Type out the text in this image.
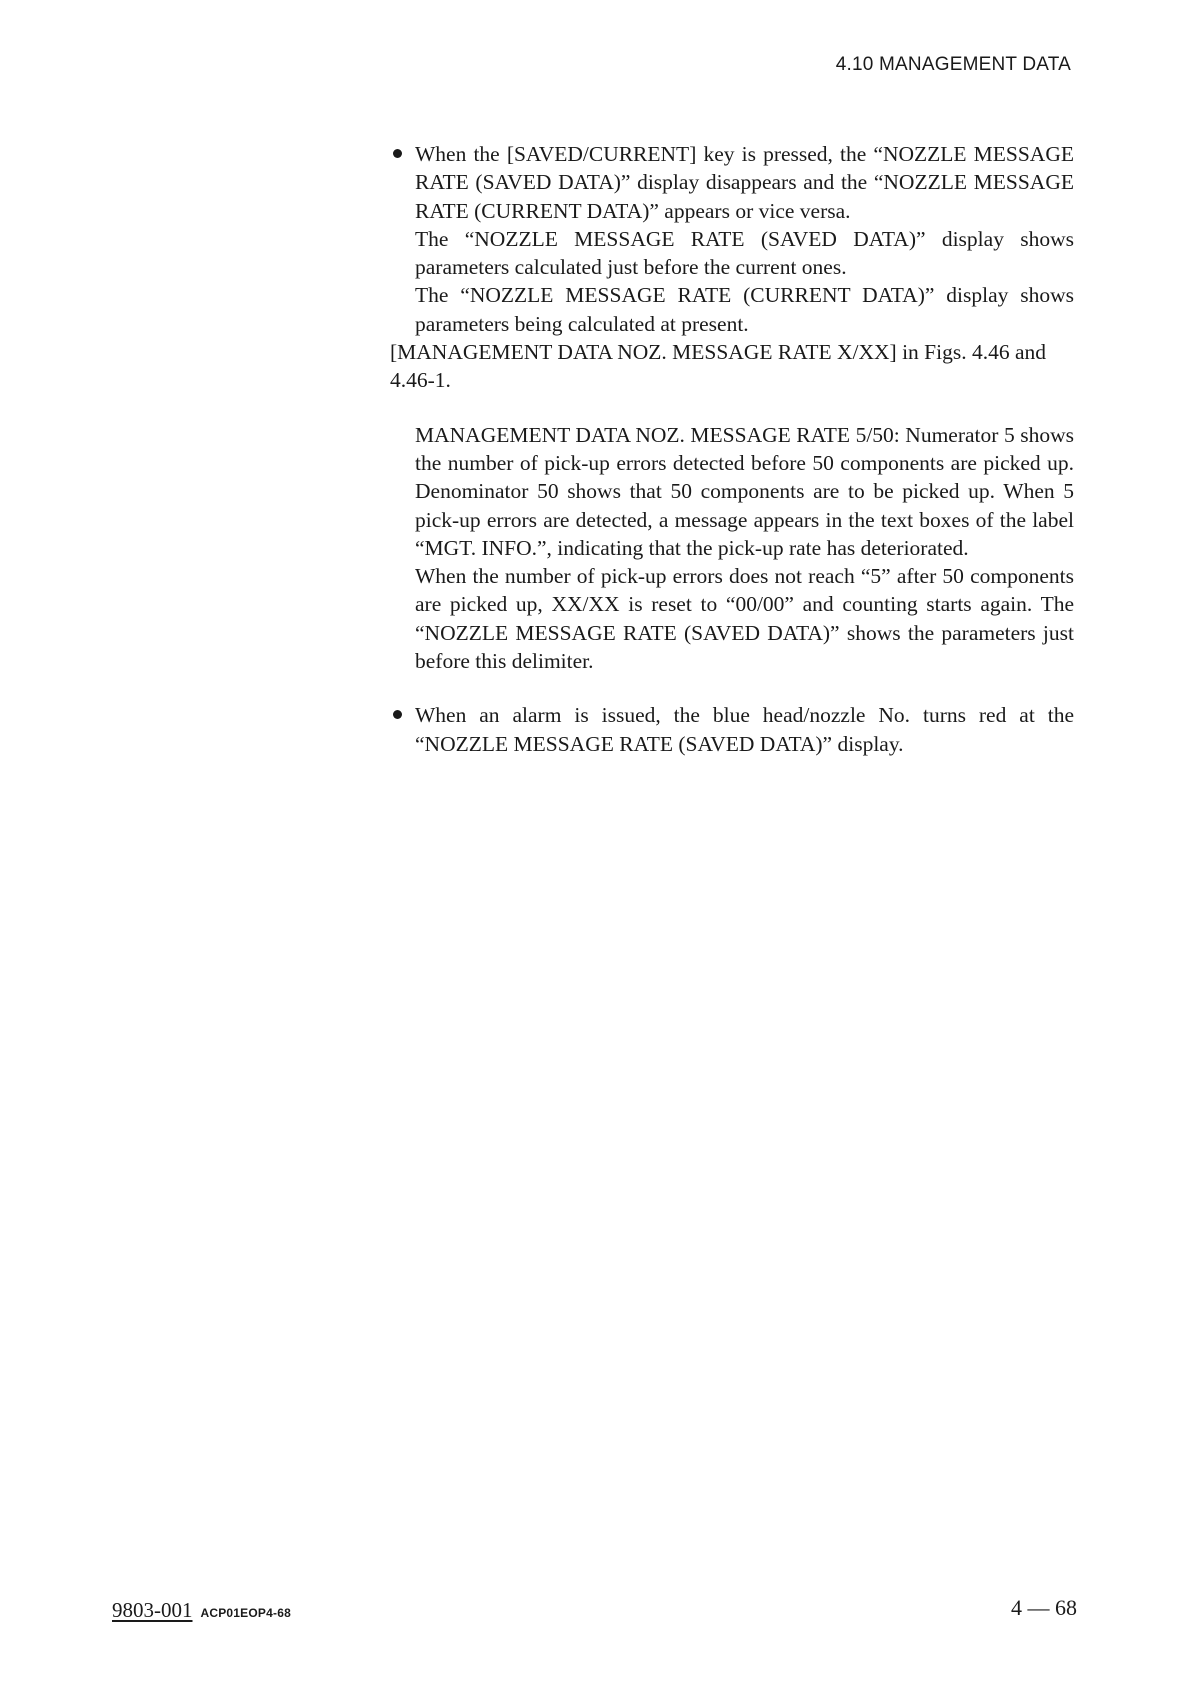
4.10 MANAGEMENT DATA

When the [SAVED/CURRENT] key is pressed, the “NOZZLE MESSAGE RATE (SAVED DATA)” display disappears and the “NOZZLE MESSAGE RATE (CURRENT DATA)” appears or vice versa.

The “NOZZLE MESSAGE RATE (SAVED DATA)” display shows parameters calculated just before the current ones.

The “NOZZLE MESSAGE RATE (CURRENT DATA)” display shows parameters being calculated at present.

[MANAGEMENT DATA NOZ. MESSAGE RATE X/XX] in Figs. 4.46 and 4.46-1.

MANAGEMENT DATA NOZ. MESSAGE RATE 5/50: Numerator 5 shows the number of pick-up errors detected before 50 components are picked up. Denominator 50 shows that 50 components are to be picked up. When 5 pick-up errors are detected, a message appears in the text boxes of the label “MGT. INFO.”, indicating that the pick-up rate has deteriorated.

When the number of pick-up errors does not reach “5” after 50 components are picked up, XX/XX is reset to “00/00” and counting starts again. The “NOZZLE MESSAGE RATE (SAVED DATA)” shows the parameters just before this delimiter.

When an alarm is issued, the blue head/nozzle No. turns red at the “NOZZLE MESSAGE RATE (SAVED DATA)” display.

9803-001 ACP01EOP4-68	4 — 68
